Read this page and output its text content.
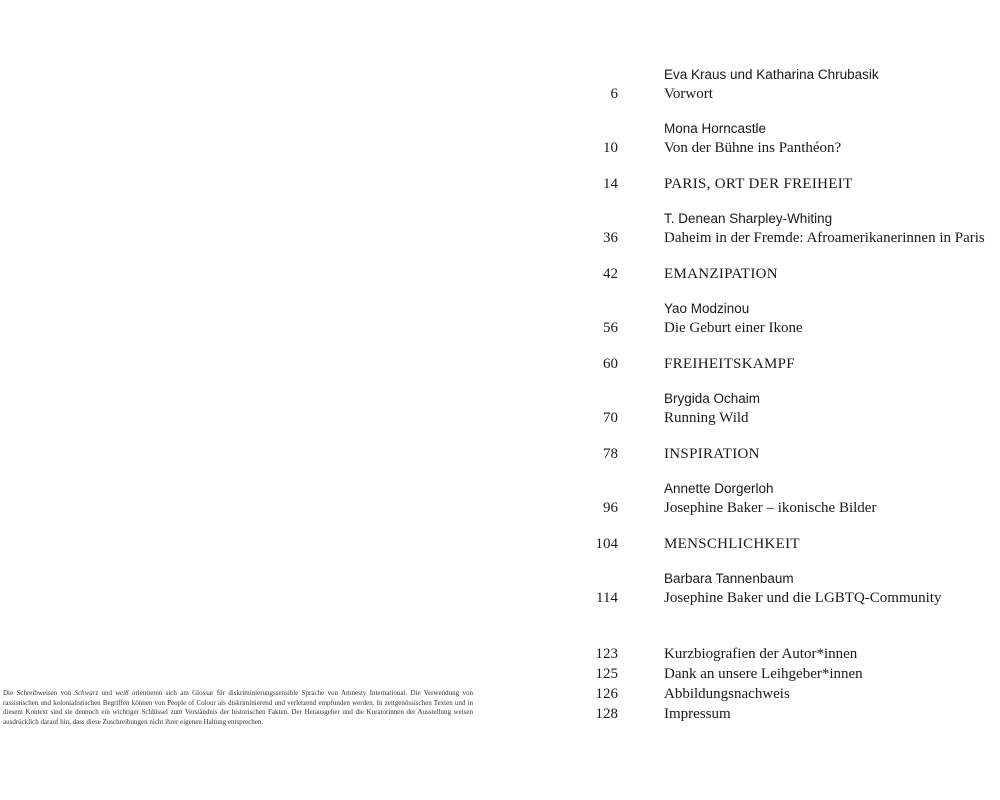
Eva Kraus und Katharina Chrubasik
6	Vorwort
Mona Horncastle
10	Von der Bühne ins Panthéon?
14	PARIS, ORT DER FREIHEIT
T. Denean Sharpley-Whiting
36	Daheim in der Fremde: Afroamerikanerinnen in Paris
42	EMANZIPATION
Yao Modzinou
56	Die Geburt einer Ikone
60	FREIHEITSKAMPF
Brygida Ochaim
70	Running Wild
78	INSPIRATION
Annette Dorgerloh
96	Josephine Baker – ikonische Bilder
104	MENSCHLICHKEIT
Barbara Tannenbaum
114	Josephine Baker und die LGBTQ-Community
123	Kurzbiografien der Autor*innen
125	Dank an unsere Leihgeber*innen
126	Abbildungsnachweis
128	Impressum

Die Schreibweisen von Schwarz und weiß orientieren sich am Glossar für diskriminierungssensible Sprache von Amnesty International. Die Verwendung von rassistischen und kolonialistischen Begriffen können von People of Colour als diskriminierend und verletzend empfunden werden. In zeitgenössischen Texten und in diesem Kontext sind sie dennoch ein wichtiger Schlüssel zum Verständnis der historischen Fakten. Der Herausgeber und die Kuratorinnen der Ausstellung weisen ausdrücklich darauf hin, dass diese Zuschreibungen nicht ihrer eigenen Haltung entsprechen.
